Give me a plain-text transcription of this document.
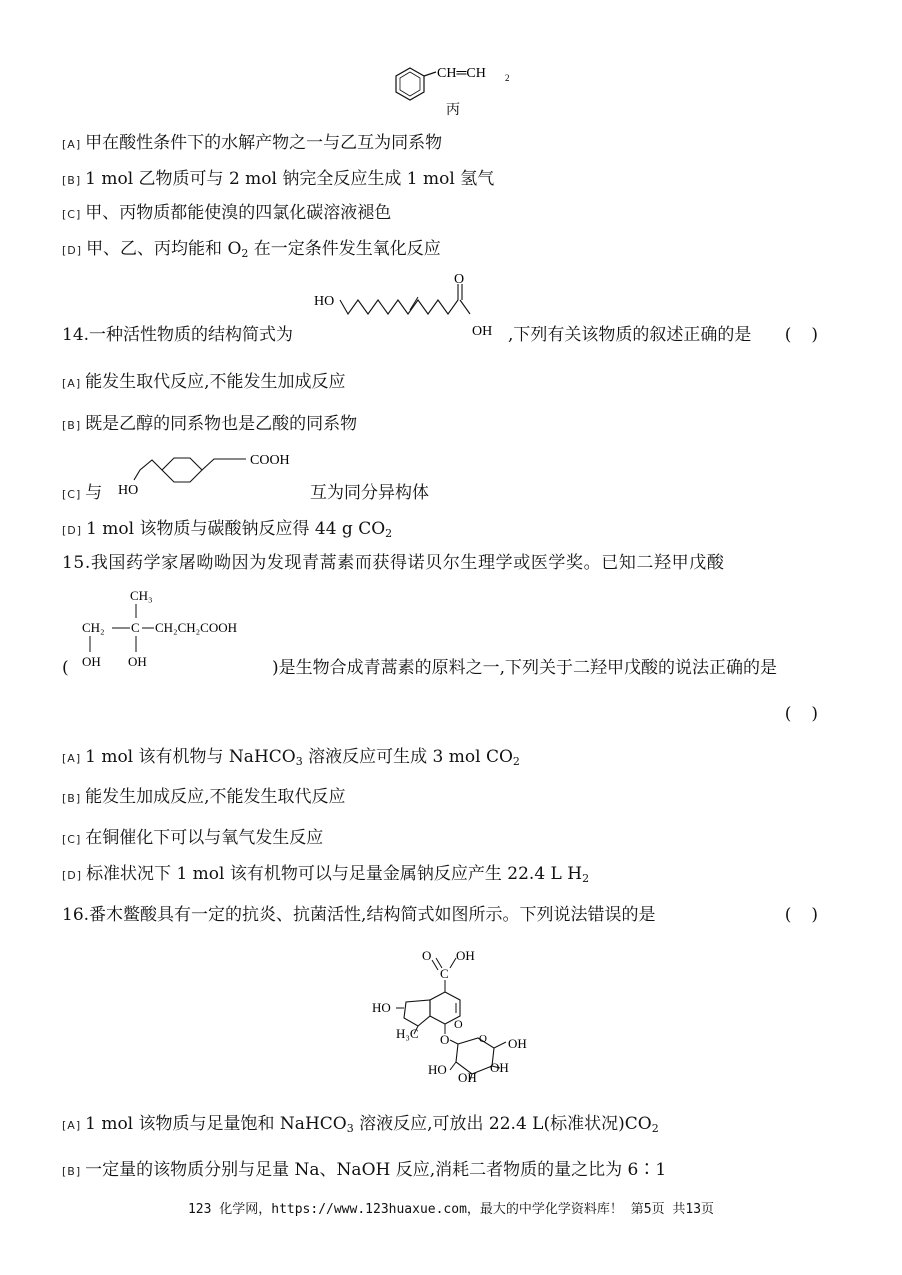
CH═CH 2
丙
[A] 甲在酸性条件下的水解产物之一与乙互为同系物
[B] 1 mol 乙物质可与 2 mol 钠完全反应生成 1 mol 氢气
[C] 甲、丙物质都能使溴的四氯化碳溶液褪色
[D] 甲、乙、丙均能和 $O_2$ 在一定条件发生氧化反应
HO
O
OH
14.一种活性物质的结构简式为	,下列有关该物质的叙述正确的是 ()
[A] 能发生取代反应,不能发生加成反应
[B] 既是乙醇的同系物也是乙酸的同系物
COOH
HO
[C] 与	互为同分异构体
[D] 1 mol 该物质与碳酸钠反应得 44 g $CO_2$
15.我国药学家屠呦呦因为发现青蒿素而获得诺贝尔生理学或医学奖。已知二羟甲戊酸
CH₃
CH₂ C CH₂CH₂COOH
OH OH
(	)是生物合成青蒿素的原料之一,下列关于二羟甲戊酸的说法正确的是
()
[A] 1 mol 该有机物与 NaHCO$_3$ 溶液反应可生成 3 mol $CO_2$
[B] 能发生加成反应,不能发生取代反应
[C] 在铜催化下可以与氧气发生反应
[D] 标准状况下 1 mol 该有机物可以与足量金属钠反应产生 22.4 L $H_2$
16.番木鳖酸具有一定的抗炎、抗菌活性,结构简式如图所示。下列说法错误的是	()
O OH
C
O
HO
H₃C O	O OH
HO
OH
OH
[A] 1 mol 该物质与足量饱和 NaHCO$_3$ 溶液反应,可放出 22.4 L(标准状况)$CO_2$
[B] 一定量的该物质分别与足量 Na、NaOH 反应,消耗二者物质的量之比为 6∶1
123 化学网，https://www.123huaxue.com，最大的中学化学资料库！ 第5页 共13页
